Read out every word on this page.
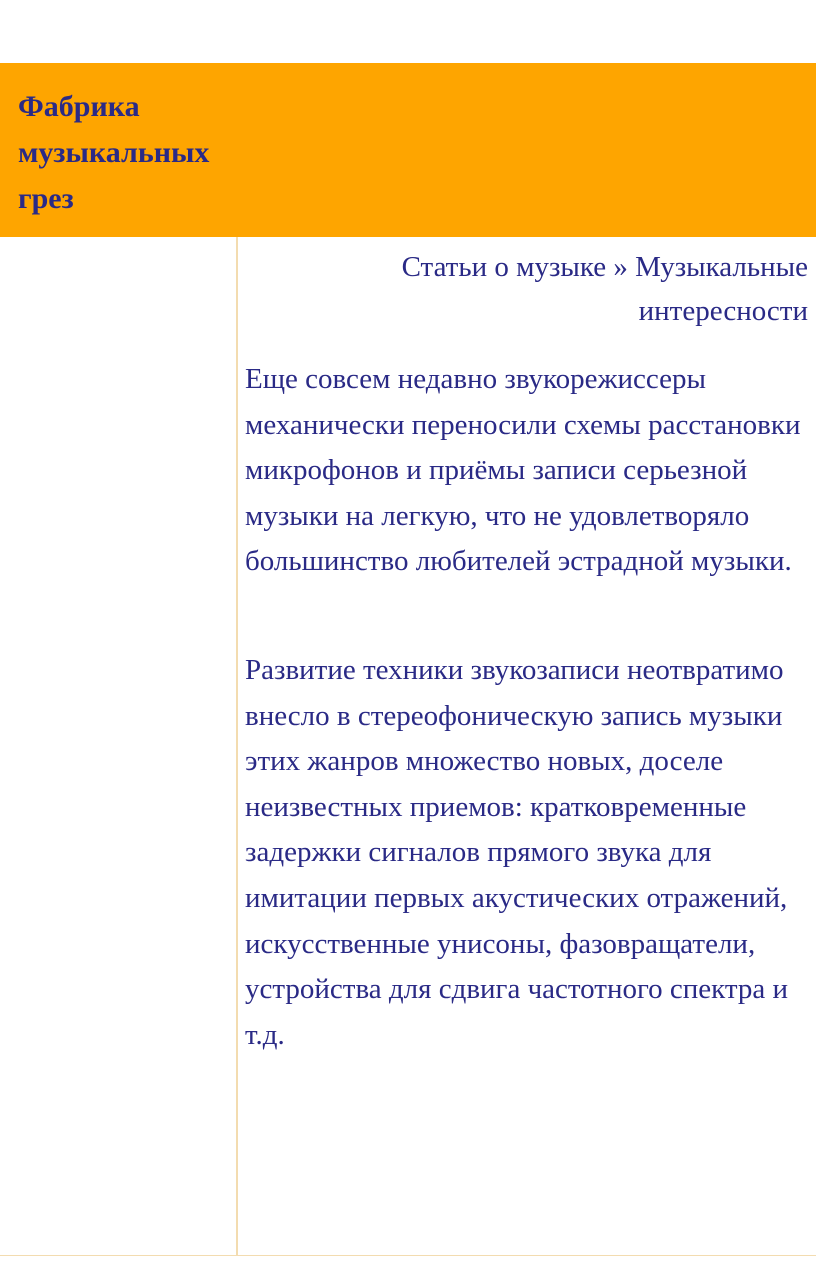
Фабрика музыкальных грез

Статьи о музыке » Музыкальные интересности

Еще совсем недавно звукорежиссеры механически переносили схемы расстановки микрофонов и приёмы записи серьезной музыки на легкую, что не удовлетворяло большинство любителей эстрадной музыки.

Развитие техники звукозаписи неотвратимо внесло в стереофоническую запись музыки этих жанров множество новых, доселе неизвестных приемов: кратковременные задержки сигналов прямого звука для имитации первых акустических отражений, искусственные унисоны, фазовращатели, устройства для сдвига частотного спектра и т.д.
